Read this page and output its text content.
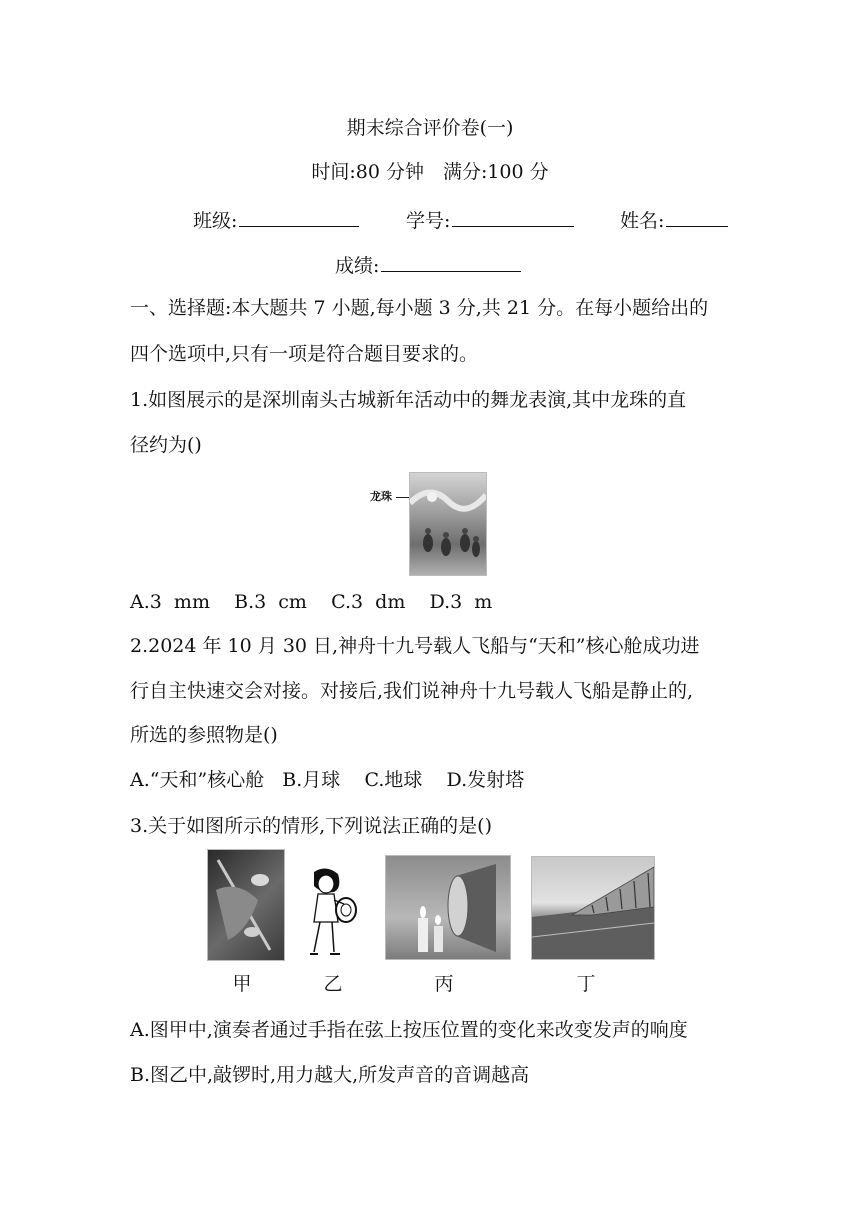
期末综合评价卷(一)
时间:80 分钟　满分:100 分
班级:	学号:	姓名:
成绩:
一、选择题:本大题共 7 小题,每小题 3 分,共 21 分。在每小题给出的
四个选项中,只有一项是符合题目要求的。
1.如图展示的是深圳南头古城新年活动中的舞龙表演,其中龙珠的直
径约为()
龙珠
A.3  mm    B.3  cm    C.3  dm    D.3  m
2.2024 年 10 月 30 日,神舟十九号载人飞船与“天和”核心舱成功进
行自主快速交会对接。对接后,我们说神舟十九号载人飞船是静止的,
所选的参照物是()
A.“天和”核心舱   B.月球    C.地球    D.发射塔
3.关于如图所示的情形,下列说法正确的是()
甲	乙	丙	丁
A.图甲中,演奏者通过手指在弦上按压位置的变化来改变发声的响度
B.图乙中,敲锣时,用力越大,所发声音的音调越高
